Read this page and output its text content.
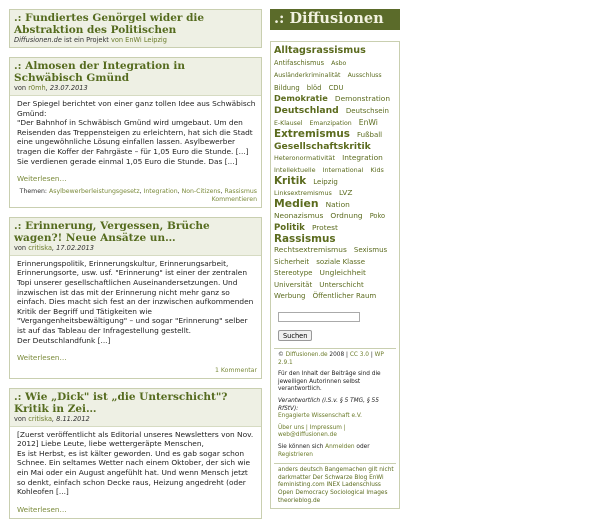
.: Fundiertes Genörgel wider die Abstraktion des Politischen
Diffusionen.de ist ein Projekt von EnWi Leipzig
.: Almosen der Integration in Schwäbisch Gmünd
von r0mh, 23.07.2013

Der Spiegel berichtet von einer ganz tollen Idee aus Schwäbisch Gmünd:

"Der Bahnhof in Schwäbisch Gmünd wird umgebaut. Um den Reisenden das Treppensteigen zu erleichtern, hat sich die Stadt eine ungewöhnliche Lösung einfallen lassen. Asylbewerber tragen die Koffer der Fahrgäste – für 1,05 Euro die Stunde. [...] Sie verdienen gerade einmal 1,05 Euro die Stunde. Das [...]

Weiterlesen…
Themen: Asylbewerberleistungsgesetz, Integration, Non-Citizens, Rassismus
Kommentieren
.: Erinnerung, Vergessen, Brüche wagen?! Neue Ansätze un…
von critiska, 17.02.2013

Erinnerungspolitik, Erinnerungskultur, Erinnerungsarbeit, Erinnerungsorte, usw. usf. "Erinnerung" ist einer der zentralen Topi unserer gesellschaftlichen Auseinandersetzungen. Und inzwischen ist das mit der Erinnerung nicht mehr ganz so einfach. Dies macht sich fest an der inzwischen aufkommenden Kritik der Begriff und Tätigkeiten wie "Vergangenheitsbewältigung" – und sogar "Erinnerung" selber ist auf das Tableau der Infragestellung gestellt.

Der Deutschlandfunk [...]

Weiterlesen…
1 Kommentar
.: Wie „Dick" ist „die Unterschicht"? Kritik in Zei…
von critiska, 8.11.2012

[Zuerst veröffentlicht als Editorial unseres Newsletters von Nov. 2012] Liebe Leute, liebe wettergeräpte Menschen,

Es ist Herbst, es ist kälter geworden. Und es gab sogar schon Schnee. Ein seltames Wetter nach einem Oktober, der sich wie ein Mai oder ein August angefühlt hat. Und wenn Mensch jetzt so denkt, einfach schon Decke raus, Heizung angedreht (oder Kohleofen [...]

Weiterlesen…
.: Diffusionen
Alltagsrassismus Antifaschismus Asbo Ausländerkriminalität Ausschluss Bildung blöd CDU Demokratie Demonstration Deutschland Deutschsein E-Klausel Emanzipation EnWi Extremismus Fußball Gesellschaftskritik Heteronormativität Integration Intellektuelle International Kids Kritik Leipzig Linksextremismus LVZ Medien Nation Neonazismus Ordnung Poko Politik Protest Rassismus Rechtsextremismus Sexismus Sicherheit soziale Klasse Stereotype Ungleichheit Universität Unterschicht Werbung Öffentlicher Raum
Suchen

© Diffusionen.de 2008 | CC 3.0 | WP 2.9.1

Für den Inhalt der Beiträge sind die jeweiligen Autorinnen selbst verantwortlich.

Verantwortlich (i.S.v. § 5 TMG, § 55 RfStV):
Engagierte Wissenschaft e.V.

Über uns | Impressum | web@diffusionen.de

Sie können sich Anmelden oder Registrieren

anders deutsch Bangemachen gilt nicht darkmatter Der Schwarze Blog EnWi feministing.com INEX Ladenschluss Open Democracy Sociological Images theorieblog.de
